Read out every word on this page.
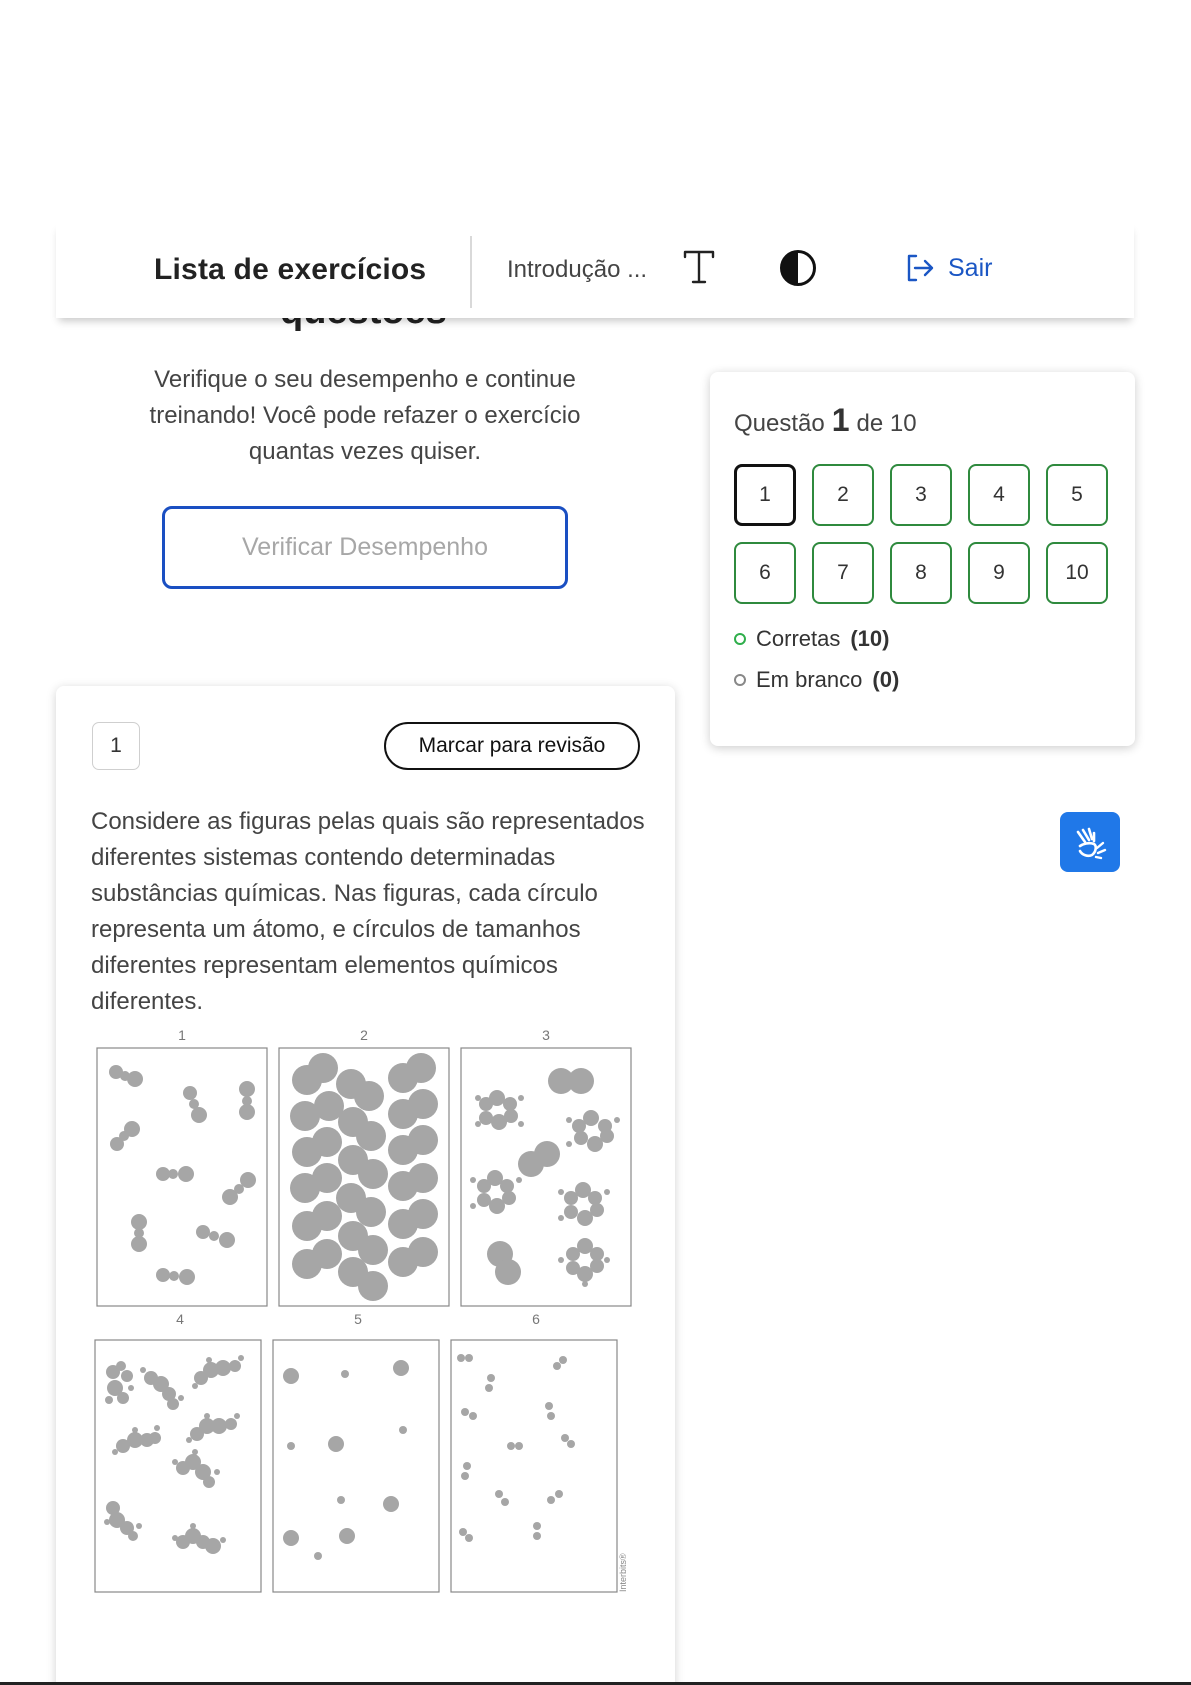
Lista de exercícios	Introdução ...	Sair
Verifique o seu desempenho e continue treinando! Você pode refazer o exercício quantas vezes quiser.
Verificar Desempenho
Questão 1 de 10
1	2	3	4	5
6	7	8	9	10
Corretas (10)
Em branco (0)
1	Marcar para revisão
Considere as figuras pelas quais são representados diferentes sistemas contendo determinadas substâncias químicas. Nas figuras, cada círculo representa um átomo, e círculos de tamanhos diferentes representam elementos químicos diferentes.
1	2	3
4	5	6
Interbits®
